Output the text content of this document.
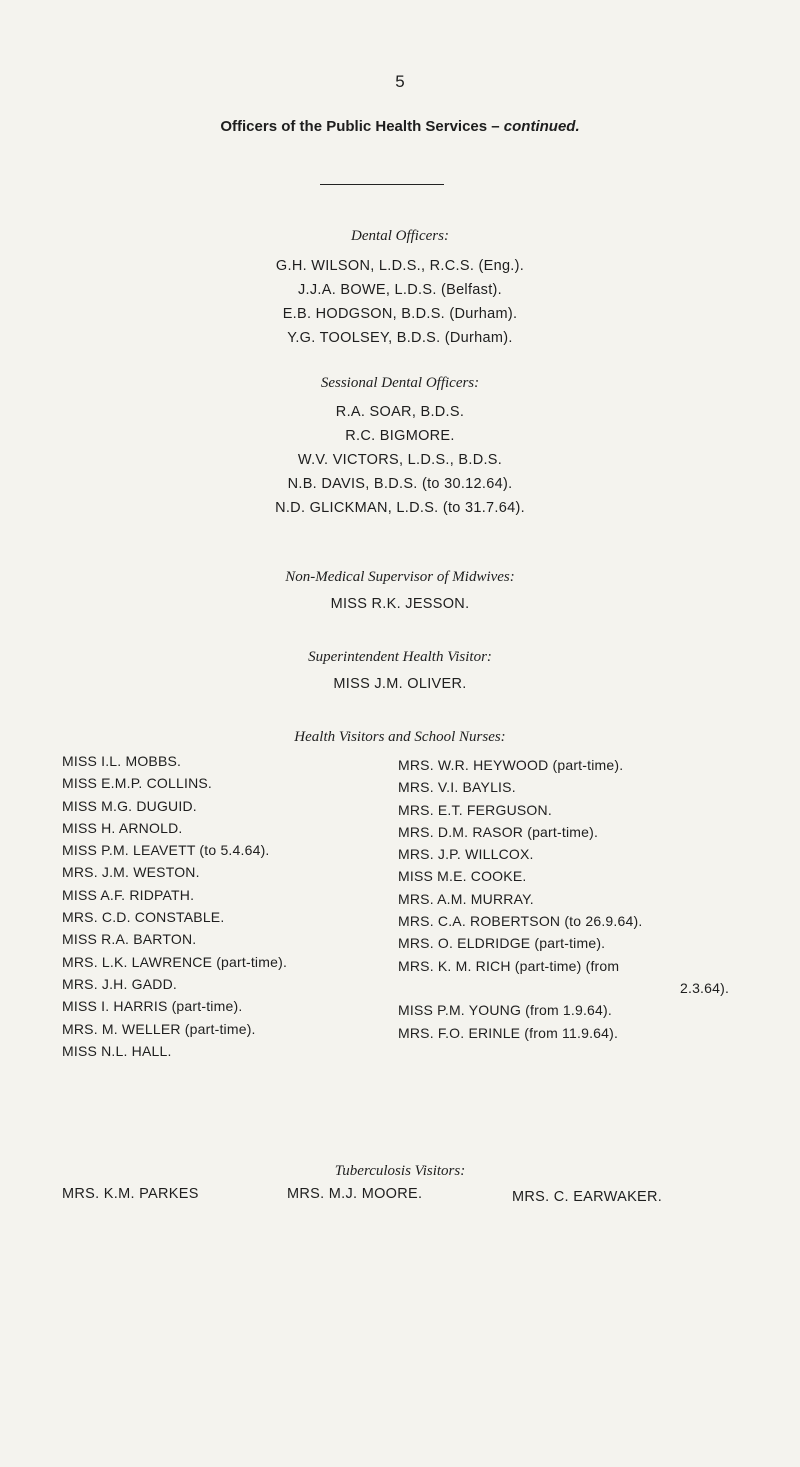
5
Officers of the Public Health Services – continued.
Dental Officers:
G.H. WILSON, L.D.S., R.C.S. (Eng.).
J.J.A. BOWE, L.D.S. (Belfast).
E.B. HODGSON, B.D.S. (Durham).
Y.G. TOOLSEY, B.D.S. (Durham).
Sessional Dental Officers:
R.A. SOAR, B.D.S.
R.C. BIGMORE.
W.V. VICTORS, L.D.S., B.D.S.
N.B. DAVIS, B.D.S. (to 30.12.64).
N.D. GLICKMAN, L.D.S. (to 31.7.64).
Non-Medical Supervisor of Midwives:
MISS R.K. JESSON.
Superintendent Health Visitor:
MISS J.M. OLIVER.
Health Visitors and School Nurses:
MISS I.L. MOBBS.
MISS E.M.P. COLLINS.
MISS M.G. DUGUID.
MISS H. ARNOLD.
MISS P.M. LEAVETT (to 5.4.64).
MRS. J.M. WESTON.
MISS A.F. RIDPATH.
MRS. C.D. CONSTABLE.
MISS R.A. BARTON.
MRS. L.K. LAWRENCE (part-time).
MRS. J.H. GADD.
MISS I. HARRIS (part-time).
MRS. M. WELLER (part-time).
MISS N.L. HALL.
MRS. W.R. HEYWOOD (part-time).
MRS. V.I. BAYLIS.
MRS. E.T. FERGUSON.
MRS. D.M. RASOR (part-time).
MRS. J.P. WILLCOX.
MISS M.E. COOKE.
MRS. A.M. MURRAY.
MRS. C.A. ROBERTSON (to 26.9.64).
MRS. O. ELDRIDGE (part-time).
MRS. K. M. RICH (part-time) (from
2.3.64).
MISS P.M. YOUNG (from 1.9.64).
MRS. F.O. ERINLE (from 11.9.64).
Tuberculosis Visitors:
MRS. K.M. PARKES	MRS. M.J. MOORE.	MRS. C. EARWAKER.
